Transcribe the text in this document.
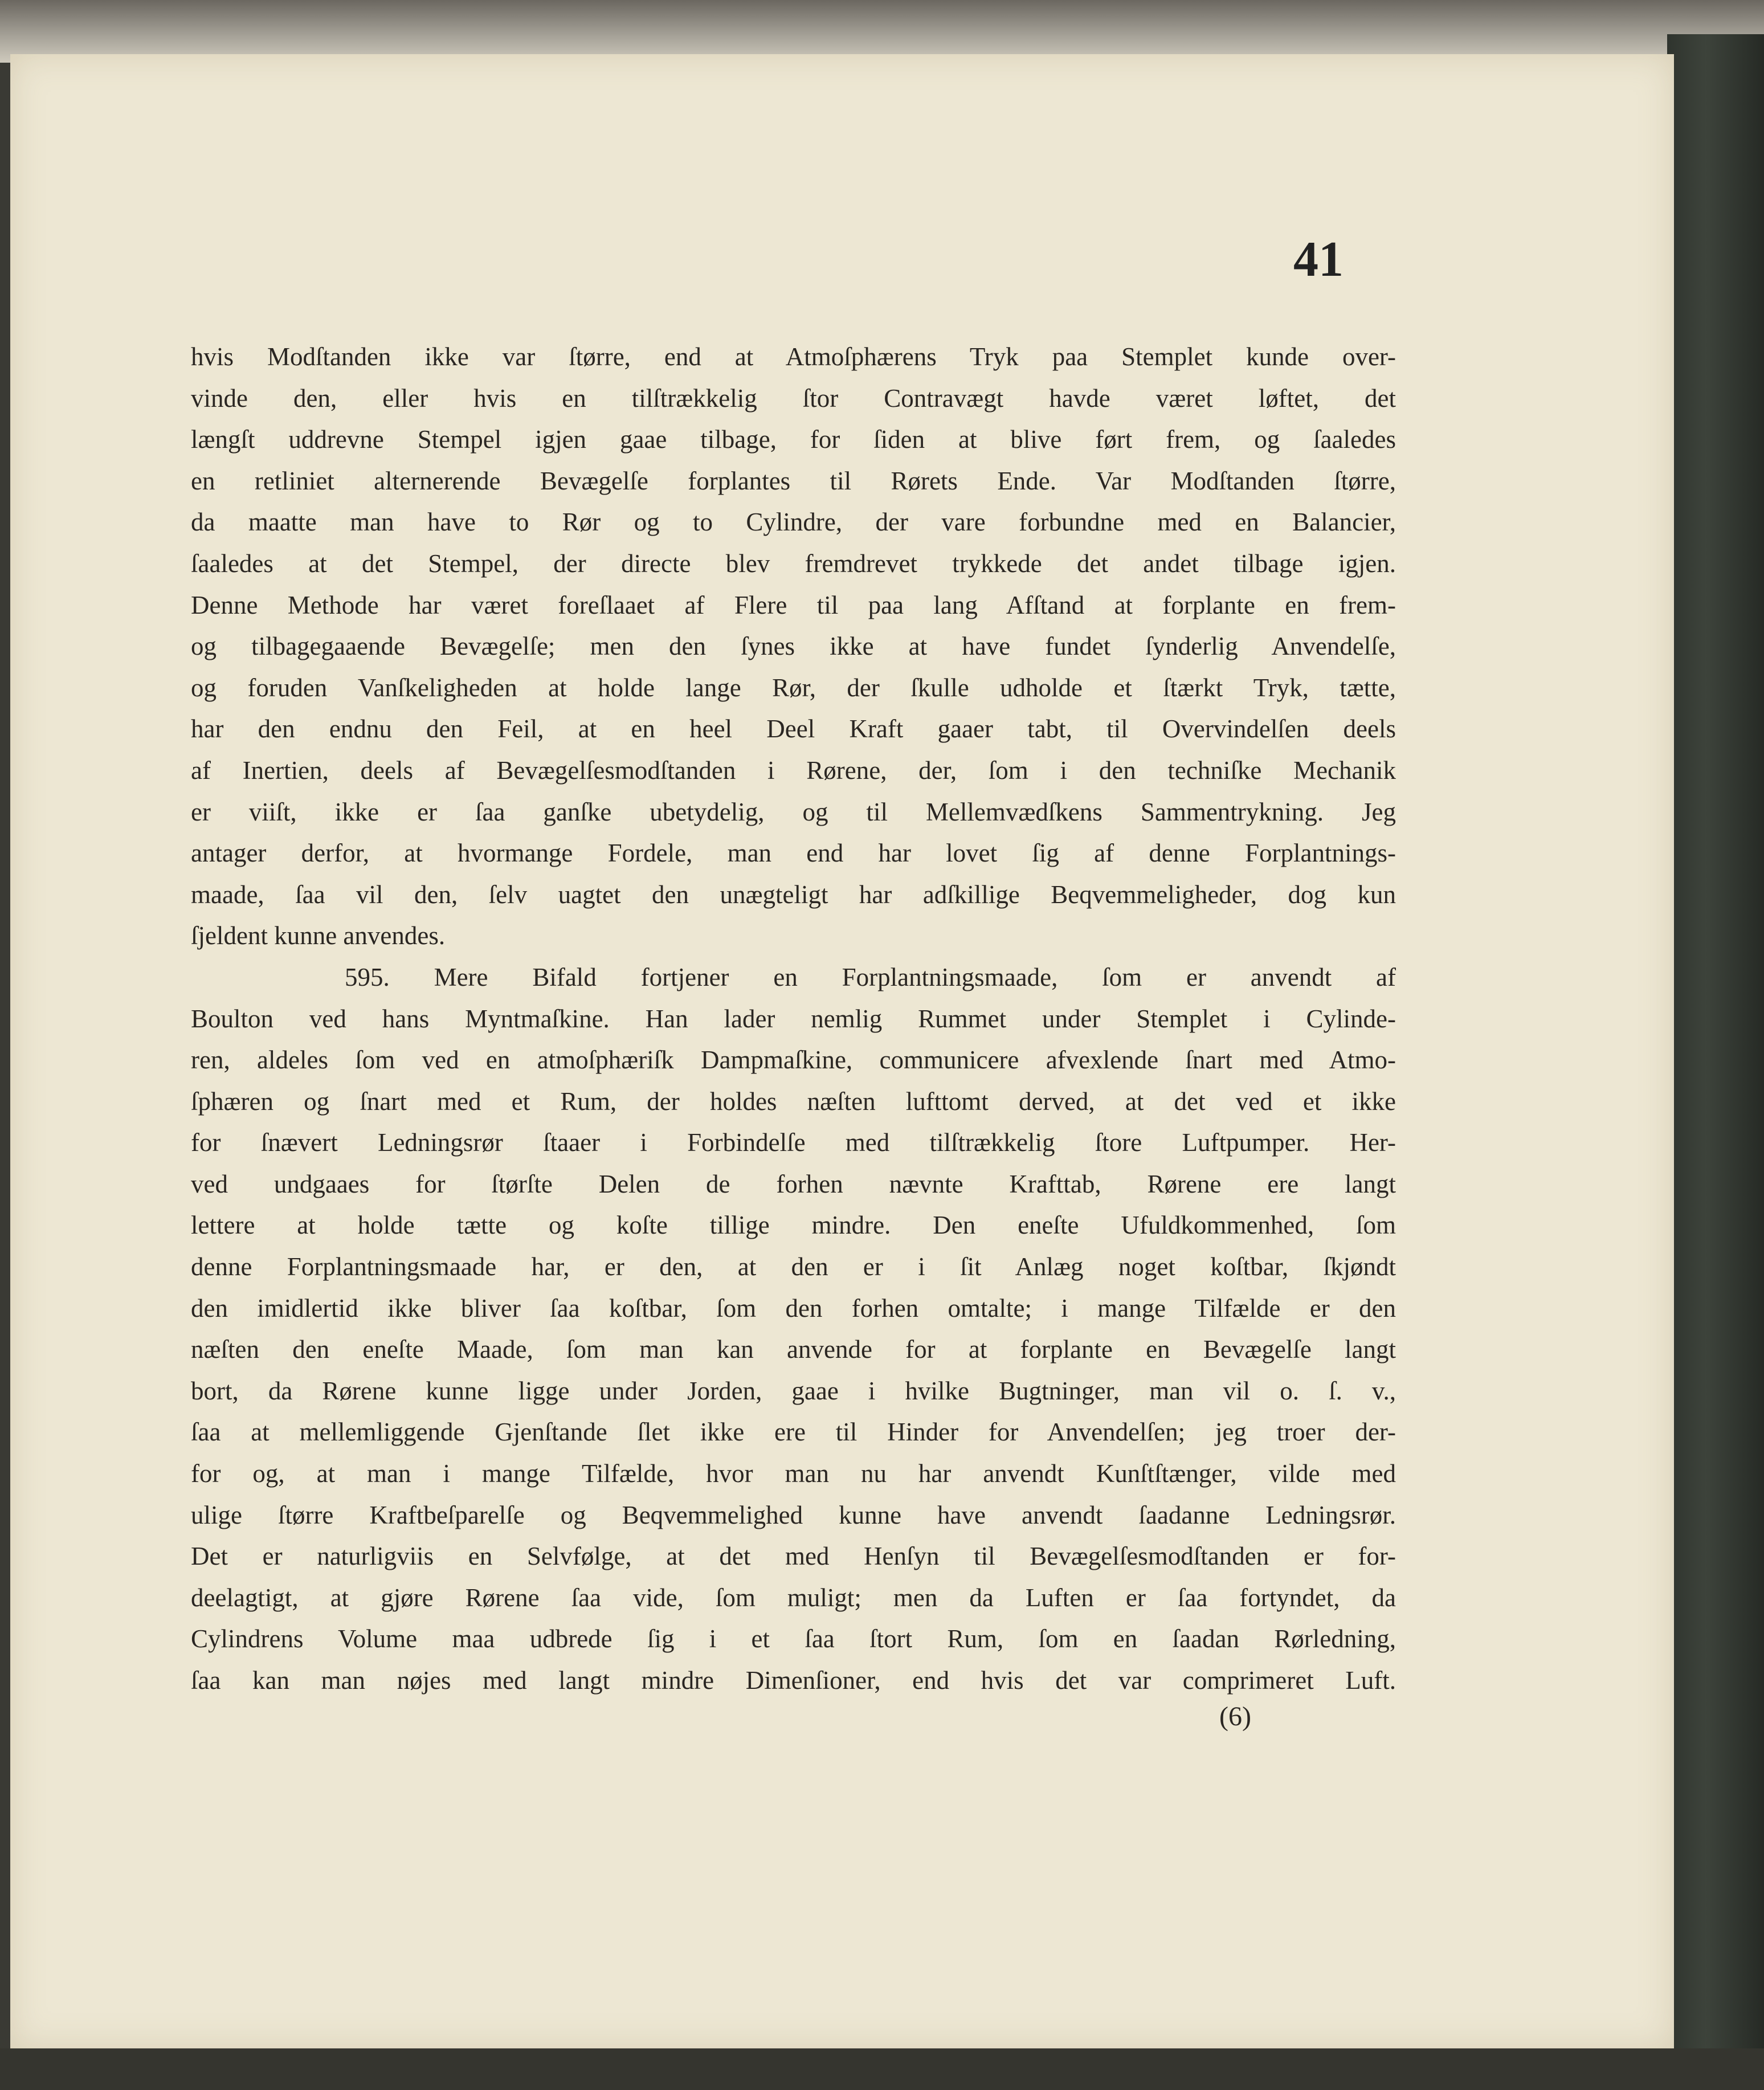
41
hvis Modſtanden ikke var ſtørre, end at Atmoſphærens Tryk paa Stemplet kunde over-
vinde den, eller hvis en tilſtrækkelig ſtor Contravægt havde været løftet, det
længſt uddrevne Stempel igjen gaae tilbage, for ſiden at blive ført frem, og ſaaledes
en retliniet alternerende Bevægelſe forplantes til Rørets Ende. Var Modſtanden ſtørre,
da maatte man have to Rør og to Cylindre, der vare forbundne med en Balancier,
ſaaledes at det Stempel, der directe blev fremdrevet trykkede det andet tilbage igjen.
Denne Methode har været foreſlaaet af Flere til paa lang Afſtand at forplante en frem-
og tilbagegaaende Bevægelſe; men den ſynes ikke at have fundet ſynderlig Anvendelſe,
og foruden Vanſkeligheden at holde lange Rør, der ſkulle udholde et ſtærkt Tryk, tætte,
har den endnu den Feil, at en heel Deel Kraft gaaer tabt, til Overvindelſen deels
af Inertien, deels af Bevægelſesmodſtanden i Rørene, der, ſom i den techniſke Mechanik
er viiſt, ikke er ſaa ganſke ubetydelig, og til Mellemvædſkens Sammentrykning. Jeg
antager derfor, at hvormange Fordele, man end har lovet ſig af denne Forplantnings-
maade, ſaa vil den, ſelv uagtet den unægteligt har adſkillige Beqvemmeligheder, dog kun
ſjeldent kunne anvendes.
595. Mere Bifald fortjener en Forplantningsmaade, ſom er anvendt af
Boulton ved hans Myntmaſkine. Han lader nemlig Rummet under Stemplet i Cylinde-
ren, aldeles ſom ved en atmoſphæriſk Dampmaſkine, communicere afvexlende ſnart med Atmo-
ſphæren og ſnart med et Rum, der holdes næſten lufttomt derved, at det ved et ikke
for ſnævert Ledningsrør ſtaaer i Forbindelſe med tilſtrækkelig ſtore Luftpumper. Her-
ved undgaaes for ſtørſte Delen de forhen nævnte Krafttab, Rørene ere langt
lettere at holde tætte og koſte tillige mindre. Den eneſte Ufuldkommenhed, ſom
denne Forplantningsmaade har, er den, at den er i ſit Anlæg noget koſtbar, ſkjøndt
den imidlertid ikke bliver ſaa koſtbar, ſom den forhen omtalte; i mange Tilfælde er den
næſten den eneſte Maade, ſom man kan anvende for at forplante en Bevægelſe langt
bort, da Rørene kunne ligge under Jorden, gaae i hvilke Bugtninger, man vil o. ſ. v.,
ſaa at mellemliggende Gjenſtande ſlet ikke ere til Hinder for Anvendelſen; jeg troer der-
for og, at man i mange Tilfælde, hvor man nu har anvendt Kunſtſtænger, vilde med
ulige ſtørre Kraftbeſparelſe og Beqvemmelighed kunne have anvendt ſaadanne Ledningsrør.
Det er naturligviis en Selvfølge, at det med Henſyn til Bevægelſesmodſtanden er for-
deelagtigt, at gjøre Rørene ſaa vide, ſom muligt; men da Luften er ſaa fortyndet, da
Cylindrens Volume maa udbrede ſig i et ſaa ſtort Rum, ſom en ſaadan Rørledning,
ſaa kan man nøjes med langt mindre Dimenſioner, end hvis det var comprimeret Luft.
(6)
